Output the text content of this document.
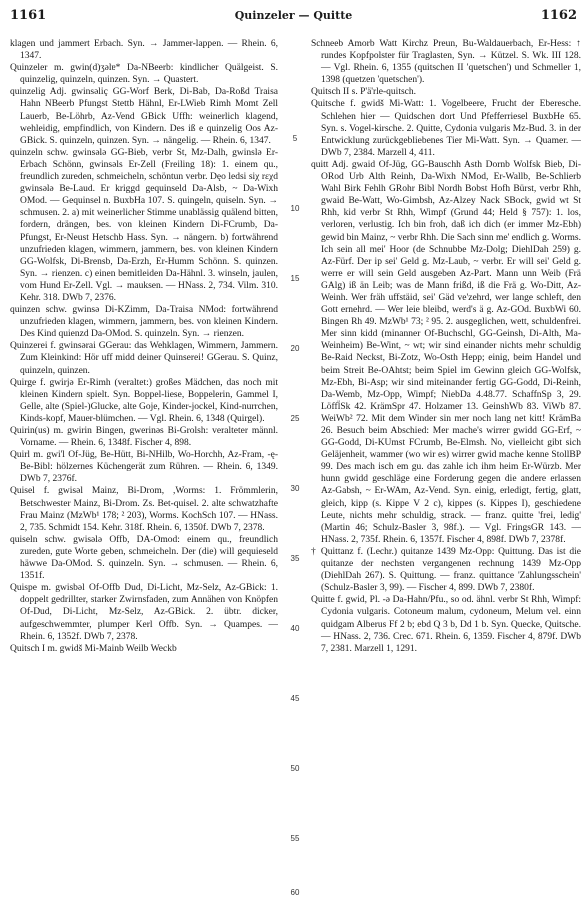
1161	Quinzeler — Quitte	1162

klagen und jammert Erbach. Syn. → Jammer-lappen. — Rhein. 6, 1347.

Quinzeler m. gwin(d)ʒəlɐ* Da-NBeerb: kindlicher Quälgeist. S. quinzelig, quinzeln, quinzen. Syn. → Quastert.

quinzelig Adj. gwinsəliç GG-Worf Berk, Di-Bab, Da-Roßd Traisa Hahn NBeerb Pfungst Stettb Hähnl, Er-LWieb Rimh Momt Zell Lauerb, Be-Löhrb, Az-Vend GBick Uffh: weinerlich klagend, wehleidig, empfindlich, von Kindern. Des iß e quinzelig Oos Az-GBick. S. quinzeln, quinzen. Syn. → nängelig. — Rhein. 6, 1347.

quinzeln schw. gwinsələ GG-Bieb, verbr St, Mz-Dalh, gwinslə Er-Erbach Schönn, gwinsəls Er-Zell (Freiling 18): 1. einem qu., freundlich zureden, schmeicheln, schöntun verbr. Dęo ledsi siχ rɛχd gwinsələ Be-Laud. Er kriggd gequinseld Da-Alsb, ~ Da-Wixh OMod. — Gequinsel n. BuxbHa 107. S. quingeln, quiseln. Syn. → schmusen. 2. a) mit weinerlicher Stimme unablässig quälend bitten, fordern, drängen, bes. von kleinen Kindern Di-FCrumb, Da-Pfungst, Er-Neust Hetschb Hass. Syn. → nängern. b) fortwährend unzufrieden klagen, wimmern, jammern, bes. von kleinen Kindern GG-Wolfsk, Di-Brensb, Da-Erzh, Er-Humm Schönn. S. quinzen. Syn. → rienzen. c) einen bemitleiden Da-Hähnl. 3. winseln, jaulen, vom Hund Er-Zell. Vgl. → mauksen. — HNass. 2, 734. Vilm. 310. Kehr. 318. DWb 7, 2376.

quinzen schw. gwinsə Di-KZimm, Da-Traisa NMod: fortwährend unzufrieden klagen, wimmern, jammern, bes. von kleinen Kindern. Des Kind quienzd Da-OMod. S. quinzeln. Syn. → rienzen.

Quinzerei f. gwinsərai GGerau: das Wehklagen, Wimmern, Jammern. Zum Kleinkind: Hör uff midd deiner Quinserei! GGerau. S. Quinz, quinzeln, quinzen.

Quirge f. gwirjə Er-Rimh (veraltet:) großes Mädchen, das noch mit kleinen Kindern spielt. Syn. Boppel-liese, Boppelerin, Gammel I, Gelle, alte (Spiel-)Glucke, alte Goje, Kinder-jockel, Kind-nurrchen, Kinds-kopf, Mauer-blümchen. — Vgl. Rhein. 6, 1348 (Quirgel).

Quirin(us) m. gwirin Bingen, gwerinəs Bi-Grolsh: veralteter männl. Vorname. — Rhein. 6, 1348f. Fischer 4, 898.

Quirl m. gwi'l Of-Jüg, Be-Hütt, Bi-NHilb, Wo-Horchh, Az-Fram, -ę- Be-Bibl: hölzernes Küchengerät zum Rühren. — Rhein. 6, 1349. DWb 7, 2376f.

Quisel f. gwisəl Mainz, Bi-Drom, ,Worms: 1. Frömmlerin, Betschwester Mainz, Bi-Drom. Zs. Bet-quisel. 2. alte schwatzhafte Frau Mainz (MzWb¹ 178; ² 203), Worms. KochSch 107. — HNass. 2, 735. Schmidt 154. Kehr. 318f. Rhein. 6, 1350f. DWb 7, 2378.

quiseln schw. gwisələ Offb, DA-Omod: einem qu., freundlich zureden, gute Worte geben, schmeicheln. Der (die) will gequieseld häwwe Da-OMod. S. quinzeln. Syn. → schmusen. — Rhein. 6, 1351f.

Quispe m. gwisbəl Of-Offb Dud, Di-Licht, Mz-Selz, Az-GBick: 1. doppelt gedrillter, starker Zwirnsfaden, zum Annähen von Knöpfen Of-Dud, Di-Licht, Mz-Selz, Az-GBick. 2. übtr. dicker, aufgeschwemmter, plumper Kerl Offb. Syn. → Quampes. — Rhein. 6, 1352f. DWb 7, 2378.

Quitsch I m. gwidš Mi-Mainb Weilb Weckb

5
10
15
20
25
30
35
40
45
50
55
60

Schneeb Amorb Watt Kirchz Preun, Bu-Waldauerbach, Er-Hess: ↑ rundes Kopfpolster für Traglasten, Syn. → Kützel. S. Wk. III 128. — Vgl. Rhein. 6, 1355 (quitschen II 'quetschen') und Schmeller 1, 1398 (quetzen 'quetschen').

Quitsch II s. P'ä'rle-quitsch.

Quitsche f. gwidš Mi-Watt: 1. Vogelbeere, Frucht der Eberesche. Schlehen hier — Quidschen dort Und Pfefferriesel BuxbHe 65. Syn. s. Vogel-kirsche. 2. Quitte, Cydonia vulgaris Mz-Bud. 3. in der Entwicklung zurückgebliebenes Tier Mi-Watt. Syn. → Quamer. — DWb 7, 2384. Marzell 4, 411.

quitt Adj. gwaid Of-Jüg, GG-Bauschh Asth Dornb Wolfsk Bieb, Di-ORod Urb Alth Reinh, Da-Wixh NMod, Er-Wallb, Be-Schlierb Wahl Birk Fehlh GRohr Bibl Nordh Bobst Hofh Bürst, verbr Rhh, gwaid Be-Watt, Wo-Gimbsh, Az-Alzey Nack SBock, gwid wt St Rhh, kid verbr St Rhh, Wimpf (Grund 44; Held § 757): 1. los, verloren, verlustig. Ich bin froh, daß ich dich (er immer Mz-Ebh) gewid bin Mainz, ~ verbr Rhh. Die Sach sinn me' endlich g. Worms. Ich sein all mei' Hoor (de Schnubbe Mz-Dolg; DiehlDah 259) g. Az-Fürf. Der ip sei' Geld g. Mz-Laub, ~ verbr. Er will sei' Geld g. werre er will sein Geld ausgeben Az-Part. Mann unn Weib (Frä GAlg) iß än Leib; was de Mann frißd, iß die Frä g. Wo-Ditt, Az-Weinh. Wer fräh uffstäid, sei' Gäd ve'zehrd, wer lange schleft, den Gott ernehrd. — Wer leie bleibd, werd's ä g. Az-GOd. BuxbWi 60. Bingen Rh 49. MzWb¹ 73; ² 95. 2. ausgeglichen, wett, schuldenfrei. Mer sinn kidd (minanner Of-Buchschl, GG-Geinsh, Di-Alth, Ma-Weinheim) Be-Wint, ~ wt; wir sind einander nichts mehr schuldig Be-Raid Neckst, Bi-Zotz, Wo-Osth Hepp; einig, beim Handel und beim Streit Be-OAhtst; beim Spiel im Gewinn gleich GG-Wolfsk, Mz-Ebh, Bi-Asp; wir sind miteinander fertig GG-Godd, Di-Reinh, Da-Wemb, Mz-Opp, Wimpf; NiebDa 4.48.77. SchaffnSp 3, 29. Löffl̈Sk 42. KrämSpr 47. Holzamer 13. GeinshWb 83. ViWb 87. WeiWb² 72. Mit dem Winder sin mer noch lang net kitt! KrämBa 26. Besuch beim Abschied: Mer mache's wirrer gwidd GG-Erf, ~ GG-Godd, Di-KUmst FCrumb, Be-Elmsh. No, vielleicht gibt sich Geläjenheit, wammer (wo wir es) wirrer gwid mache kenne StollBP 99. Des mach isch em gu. das zahle ich ihm heim Er-Würzb. Mer hunn gwidd geschläge eine Forderung gegen die andere erlassen Az-Gabsh, ~ Er-WAm, Az-Vend. Syn. einig, erledigt, fertig, glatt, gleich, kipp (s. Kippe V 2 c), kippes (s. Kippes I), geschiedene Leute, nichts mehr schuldig, strack. — franz. quitte 'frei, ledig' (Martin 46; Schulz-Basler 3, 98f.). — Vgl. FringsGR 143. — HNass. 2, 735f. Rhein. 6, 1357f. Fischer 4, 898f. DWb 7, 2378f.

† Quittanz f. (Lechr.) quitanze 1439 Mz-Opp: Quittung. Das ist die quitanze der nechsten vergangenen rechnung 1439 Mz-Opp (DiehlDah 267). S. Quittung. — franz. quittance 'Zahlungsschein' (Schulz-Basler 3, 99). — Fischer 4, 899. DWb 7, 2380f.

Quitte f. gwid, Pl. -ə Da-Hahn/Pfu., so od. ähnl. verbr St Rhh, Wimpf: Cydonia vulgaris. Cotoneum malum, cydoneum, Melum vel. einn quidgam Alberus Ff 2 b; ebd Q 3 b, Dd 1 b. Syn. Quecke, Quitsche. — HNass. 2, 736. Crec. 671. Rhein. 6, 1359. Fischer 4, 879f. DWb 7, 2381. Marzell 1, 1291.
